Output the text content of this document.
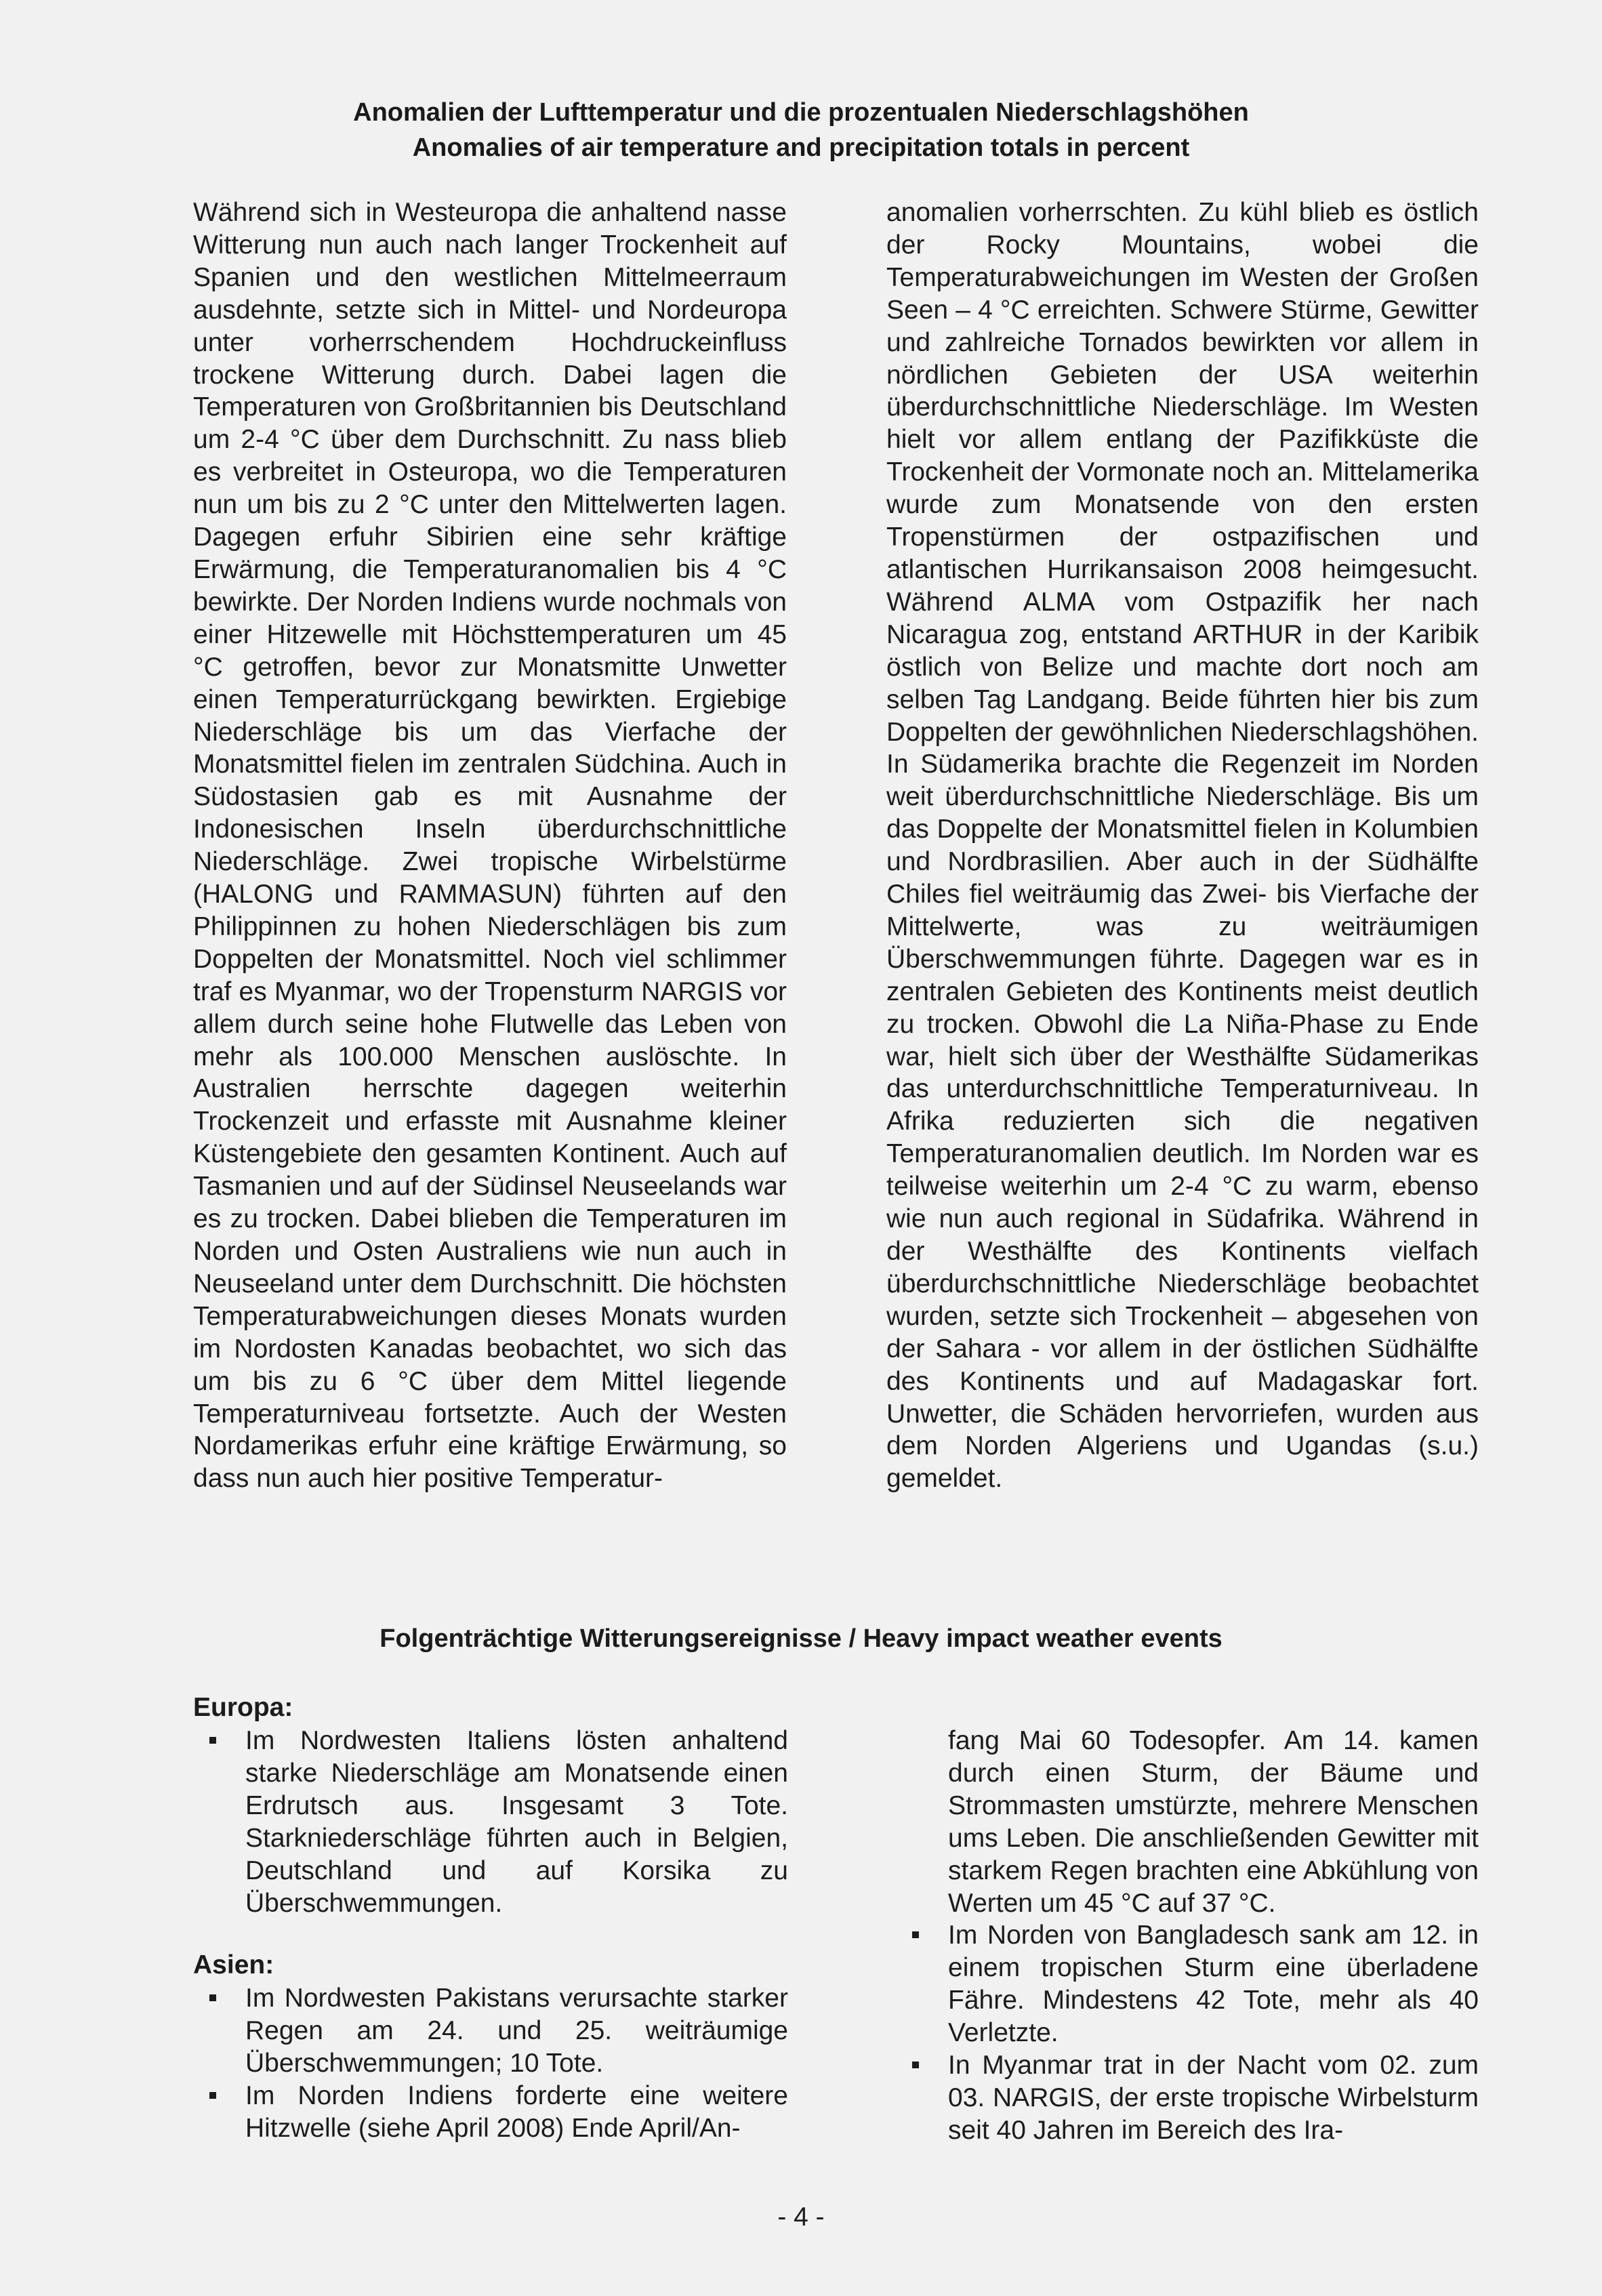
Anomalien der Lufttemperatur und die prozentualen Niederschlagshöhen
Anomalies of air temperature and precipitation totals in percent
Während sich in Westeuropa die anhaltend nasse Witterung nun auch nach langer Trockenheit auf Spanien und den westlichen Mittelmeerraum ausdehnte, setzte sich in Mittel- und Nordeuropa unter vorherrschendem Hochdruckeinfluss trockene Witterung durch. Dabei lagen die Temperaturen von Großbritannien bis Deutschland um 2-4 °C über dem Durchschnitt. Zu nass blieb es verbreitet in Osteuropa, wo die Temperaturen nun um bis zu 2 °C unter den Mittelwerten lagen. Dagegen erfuhr Sibirien eine sehr kräftige Erwärmung, die Temperaturanomalien bis 4 °C bewirkte. Der Norden Indiens wurde nochmals von einer Hitzewelle mit Höchsttemperaturen um 45 °C getroffen, bevor zur Monatsmitte Unwetter einen Temperaturrückgang bewirkten. Ergiebige Niederschläge bis um das Vierfache der Monatsmittel fielen im zentralen Südchina. Auch in Südostasien gab es mit Ausnahme der Indonesischen Inseln überdurchschnittliche Niederschläge. Zwei tropische Wirbelstürme (HALONG und RAMMASUN) führten auf den Philippinnen zu hohen Niederschlägen bis zum Doppelten der Monatsmittel. Noch viel schlimmer traf es Myanmar, wo der Tropensturm NARGIS vor allem durch seine hohe Flutwelle das Leben von mehr als 100.000 Menschen auslöschte. In Australien herrschte dagegen weiterhin Trockenzeit und erfasste mit Ausnahme kleiner Küstengebiete den gesamten Kontinent. Auch auf Tasmanien und auf der Südinsel Neuseelands war es zu trocken. Dabei blieben die Temperaturen im Norden und Osten Australiens wie nun auch in Neuseeland unter dem Durchschnitt. Die höchsten Temperaturabweichungen dieses Monats wurden im Nordosten Kanadas beobachtet, wo sich das um bis zu 6 °C über dem Mittel liegende Temperaturniveau fortsetzte. Auch der Westen Nordamerikas erfuhr eine kräftige Erwärmung, so dass nun auch hier positive Temperatur-
anomalien vorherrschten. Zu kühl blieb es östlich der Rocky Mountains, wobei die Temperaturabweichungen im Westen der Großen Seen – 4 °C erreichten. Schwere Stürme, Gewitter und zahlreiche Tornados bewirkten vor allem in nördlichen Gebieten der USA weiterhin überdurchschnittliche Niederschläge. Im Westen hielt vor allem entlang der Pazifikküste die Trockenheit der Vormonate noch an. Mittelamerika wurde zum Monatsende von den ersten Tropenstürmen der ostpazifischen und atlantischen Hurrikansaison 2008 heimgesucht. Während ALMA vom Ostpazifik her nach Nicaragua zog, entstand ARTHUR in der Karibik östlich von Belize und machte dort noch am selben Tag Landgang. Beide führten hier bis zum Doppelten der gewöhnlichen Niederschlagshöhen. In Südamerika brachte die Regenzeit im Norden weit überdurchschnittliche Niederschläge. Bis um das Doppelte der Monatsmittel fielen in Kolumbien und Nordbrasilien. Aber auch in der Südhälfte Chiles fiel weiträumig das Zwei- bis Vierfache der Mittelwerte, was zu weiträumigen Überschwemmungen führte. Dagegen war es in zentralen Gebieten des Kontinents meist deutlich zu trocken. Obwohl die La Niña-Phase zu Ende war, hielt sich über der Westhälfte Südamerikas das unterdurchschnittliche Temperaturniveau. In Afrika reduzierten sich die negativen Temperaturanomalien deutlich. Im Norden war es teilweise weiterhin um 2-4 °C zu warm, ebenso wie nun auch regional in Südafrika. Während in der Westhälfte des Kontinents vielfach überdurchschnittliche Niederschläge beobachtet wurden, setzte sich Trockenheit – abgesehen von der Sahara - vor allem in der östlichen Südhälfte des Kontinents und auf Madagaskar fort. Unwetter, die Schäden hervorriefen, wurden aus dem Norden Algeriens und Ugandas (s.u.) gemeldet.
Folgenträchtige Witterungsereignisse / Heavy impact weather events
Europa:
Im Nordwesten Italiens lösten anhaltend starke Niederschläge am Monatsende einen Erdrutsch aus. Insgesamt 3 Tote. Starkniederschläge führten auch in Belgien, Deutschland und auf Korsika zu Überschwemmungen.
Asien:
Im Nordwesten Pakistans verursachte starker Regen am 24. und 25. weiträumige Überschwemmungen; 10 Tote.
Im Norden Indiens forderte eine weitere Hitzwelle (siehe April 2008) Ende April/An-
fang Mai 60 Todesopfer. Am 14. kamen durch einen Sturm, der Bäume und Strommasten umstürzte, mehrere Menschen ums Leben. Die anschließenden Gewitter mit starkem Regen brachten eine Abkühlung von Werten um 45 °C auf 37 °C.
Im Norden von Bangladesch sank am 12. in einem tropischen Sturm eine überladene Fähre. Mindestens 42 Tote, mehr als 40 Verletzte.
In Myanmar trat in der Nacht vom 02. zum 03. NARGIS, der erste tropische Wirbelsturm seit 40 Jahren im Bereich des Ira-
- 4 -
